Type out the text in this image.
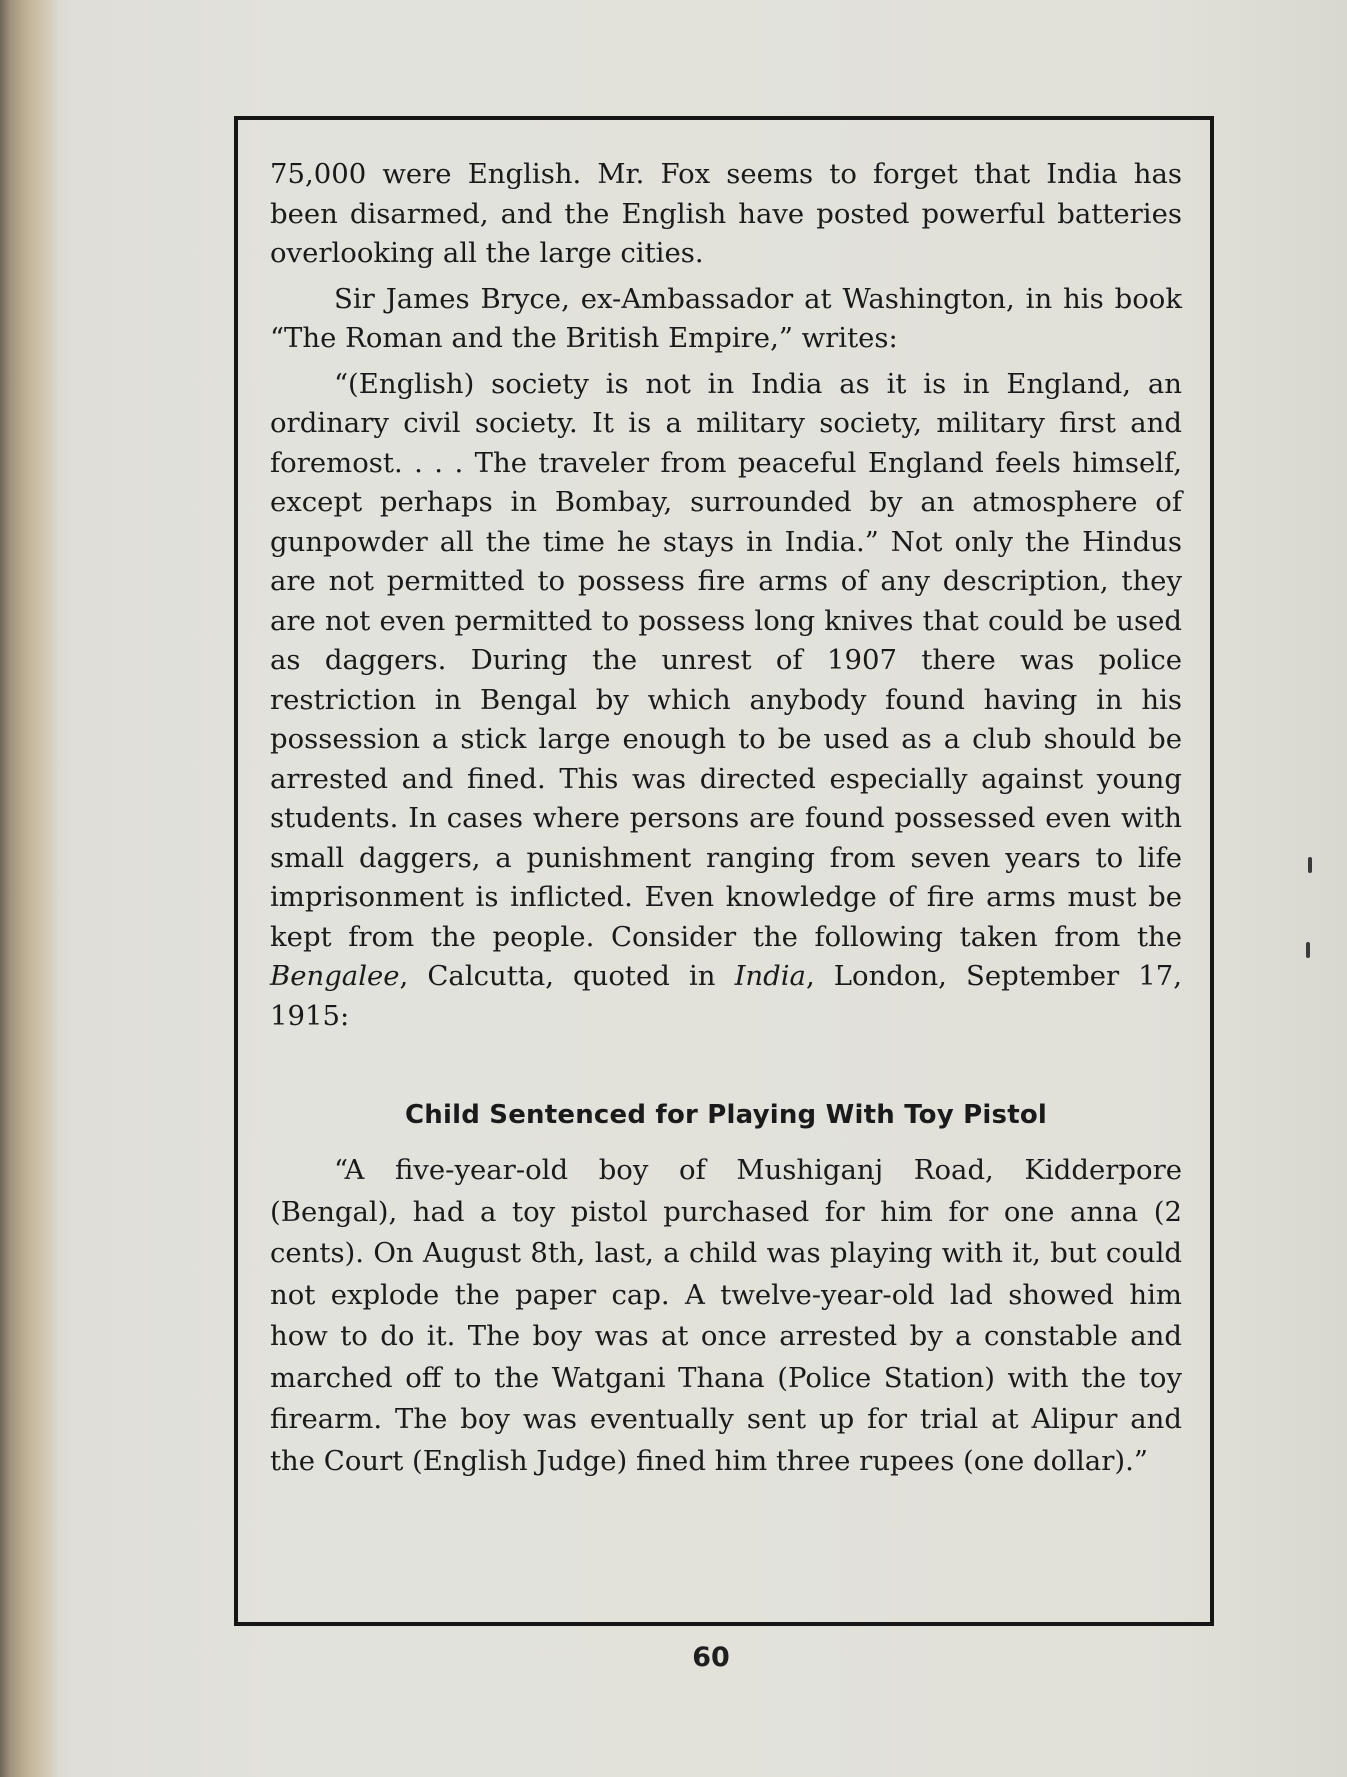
75,000 were English. Mr. Fox seems to forget that India has been disarmed, and the English have posted powerful batteries overlooking all the large cities.

Sir James Bryce, ex-Ambassador at Washington, in his book “The Roman and the British Empire,” writes:

“(English) society is not in India as it is in England, an ordinary civil society. It is a military society, military first and foremost. . . . The traveler from peaceful England feels himself, except perhaps in Bombay, surrounded by an atmosphere of gunpowder all the time he stays in India.” Not only the Hindus are not permitted to possess fire arms of any description, they are not even permitted to possess long knives that could be used as daggers. During the unrest of 1907 there was police restriction in Bengal by which anybody found having in his possession a stick large enough to be used as a club should be arrested and fined. This was directed especially against young students. In cases where persons are found possessed even with small daggers, a punishment ranging from seven years to life imprisonment is inflicted. Even knowledge of fire arms must be kept from the people. Consider the following taken from the Bengalee, Calcutta, quoted in India, London, September 17, 1915:

Child Sentenced for Playing With Toy Pistol

“A five-year-old boy of Mushiganj Road, Kidderpore (Bengal), had a toy pistol purchased for him for one anna (2 cents). On August 8th, last, a child was playing with it, but could not explode the paper cap. A twelve-year-old lad showed him how to do it. The boy was at once arrested by a constable and marched off to the Watgani Thana (Police Station) with the toy firearm. The boy was eventually sent up for trial at Alipur and the Court (English Judge) fined him three rupees (one dollar).”

60
